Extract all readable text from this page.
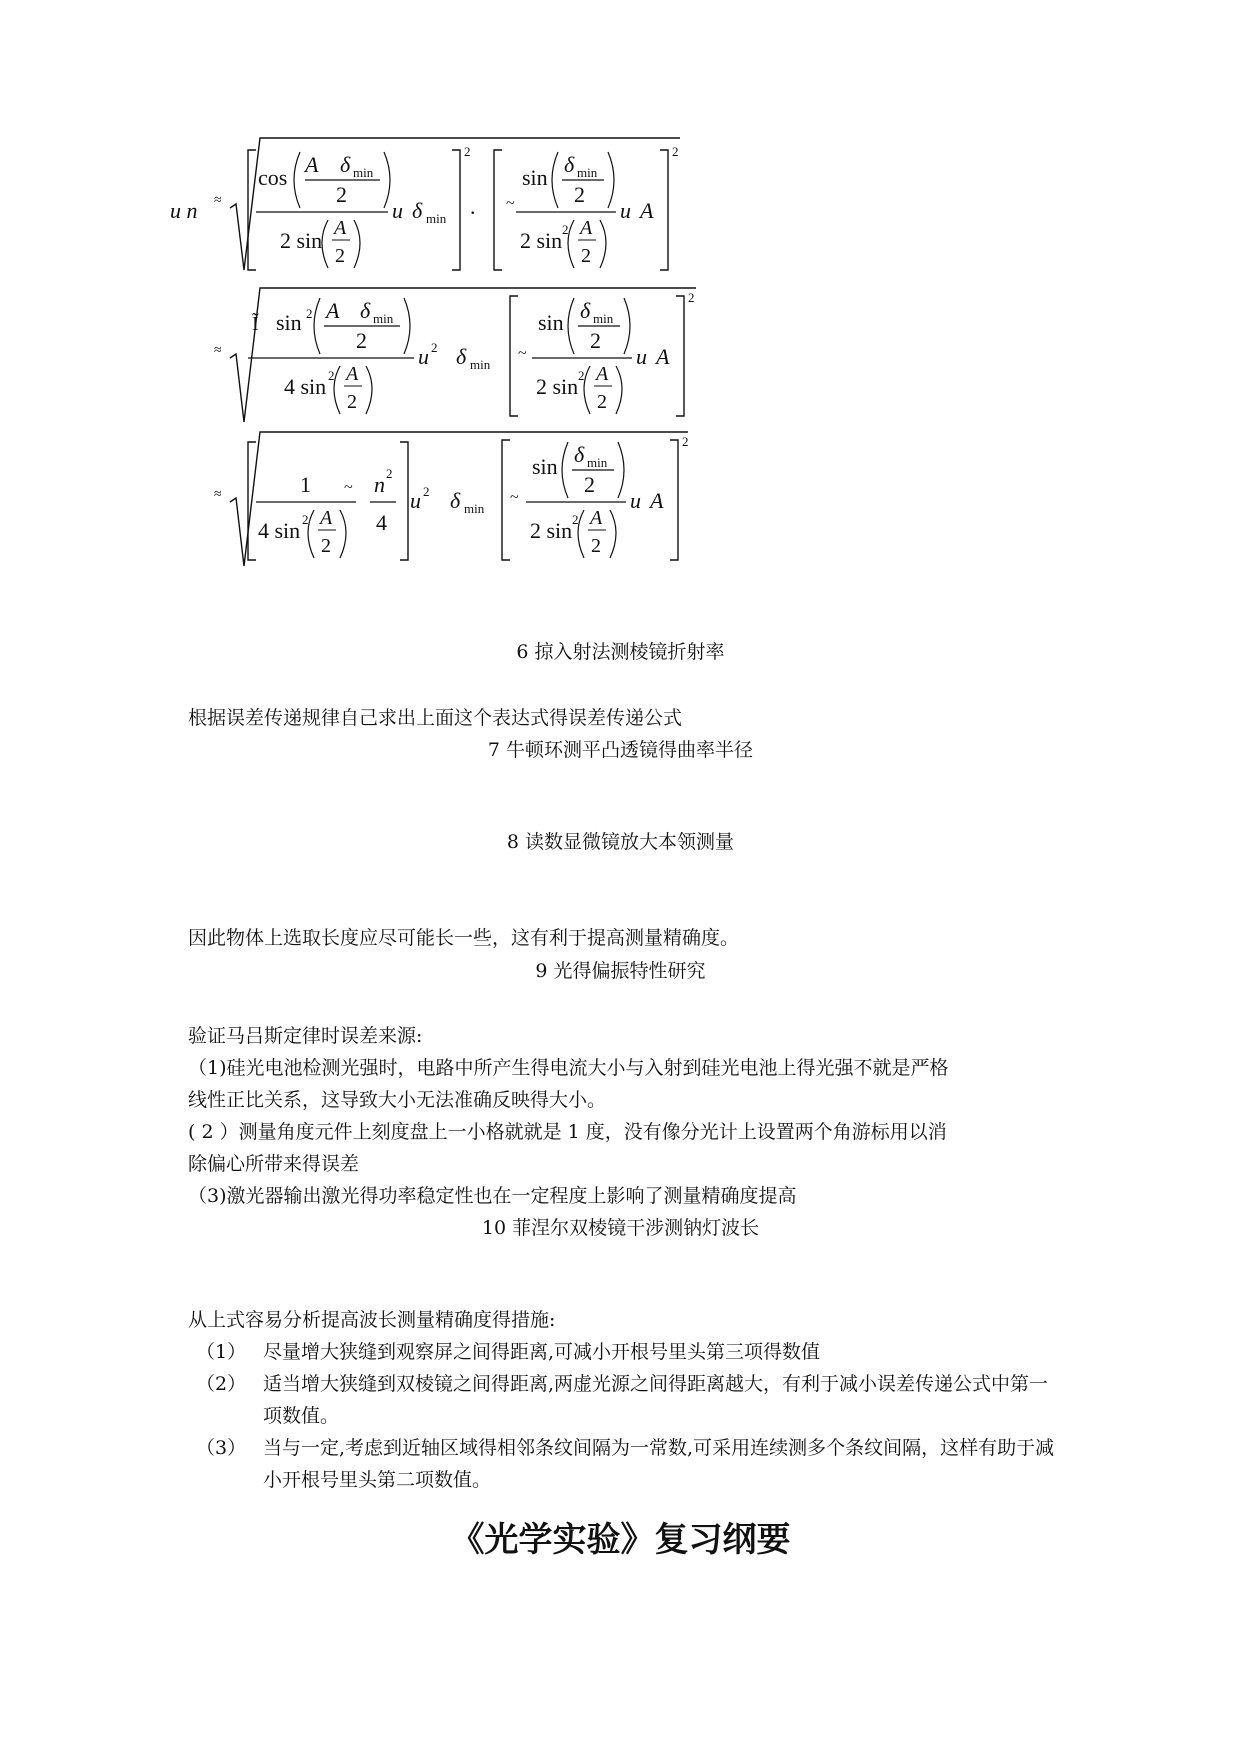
u n ≈
cos
A δ min
2
2 sin A
2
u δ min
2
. ~
sin
δ min
2
2 sin 2 A
2
u A
2
≈
Ĩ sin 2 A δ min
2
4 sin 2 A
2
u 2 δ min
~
sin δ min
2
2 sin 2 A
2
u A
2
≈	1
4 sin 2 A
2
~ n 2
4
u 2 δ min
~
sin δ min
2
2 sin 2 A
2
u A
2
6 掠入射法测棱镜折射率
根据误差传递规律自己求出上面这个表达式得误差传递公式
7 牛顿环测平凸透镜得曲率半径
8 读数显微镜放大本领测量
因此物体上选取长度应尽可能长一些，这有利于提高测量精确度。
9 光得偏振特性研究
验证马吕斯定律时误差来源:
（1)硅光电池检测光强时，电路中所产生得电流大小与入射到硅光电池上得光强不就是严格
线性正比关系，这导致大小无法准确反映得大小。
( 2 ）测量角度元件上刻度盘上一小格就就是 1 度，没有像分光计上设置两个角游标用以消
除偏心所带来得误差
（3)激光器输出激光得功率稳定性也在一定程度上影响了测量精确度提高
10 菲涅尔双棱镜干涉测钠灯波长
从上式容易分析提高波长测量精确度得措施:
（1） 尽量增大狭缝到观察屏之间得距离,可减小开根号里头第三项得数值
（2） 适当增大狭缝到双棱镜之间得距离,两虚光源之间得距离越大，有利于减小误差传递公式中第一项数值。
（3） 当与一定,考虑到近轴区域得相邻条纹间隔为一常数,可采用连续测多个条纹间隔，这样有助于减小开根号里头第二项数值。
《光学实验》复习纲要
